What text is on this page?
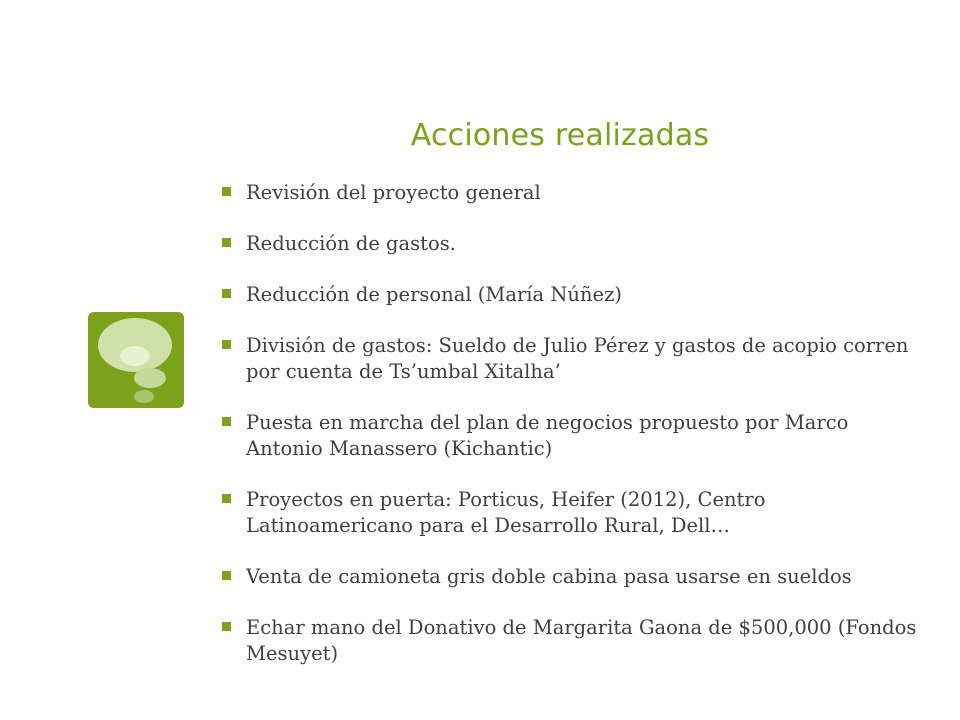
Acciones realizadas
Revisión del proyecto general
Reducción de gastos.
Reducción de personal (María Núñez)
División de gastos: Sueldo de Julio Pérez y gastos de acopio corren por cuenta de Ts’umbal Xitalha’
Puesta en marcha del plan de negocios propuesto por Marco Antonio Manassero (Kichantic)
Proyectos en puerta: Porticus, Heifer (2012), Centro Latinoamericano para el Desarrollo Rural, Dell…
Venta de camioneta gris doble cabina pasa usarse en sueldos
Echar mano del Donativo de Margarita Gaona de $500,000 (Fondos Mesuyet)
